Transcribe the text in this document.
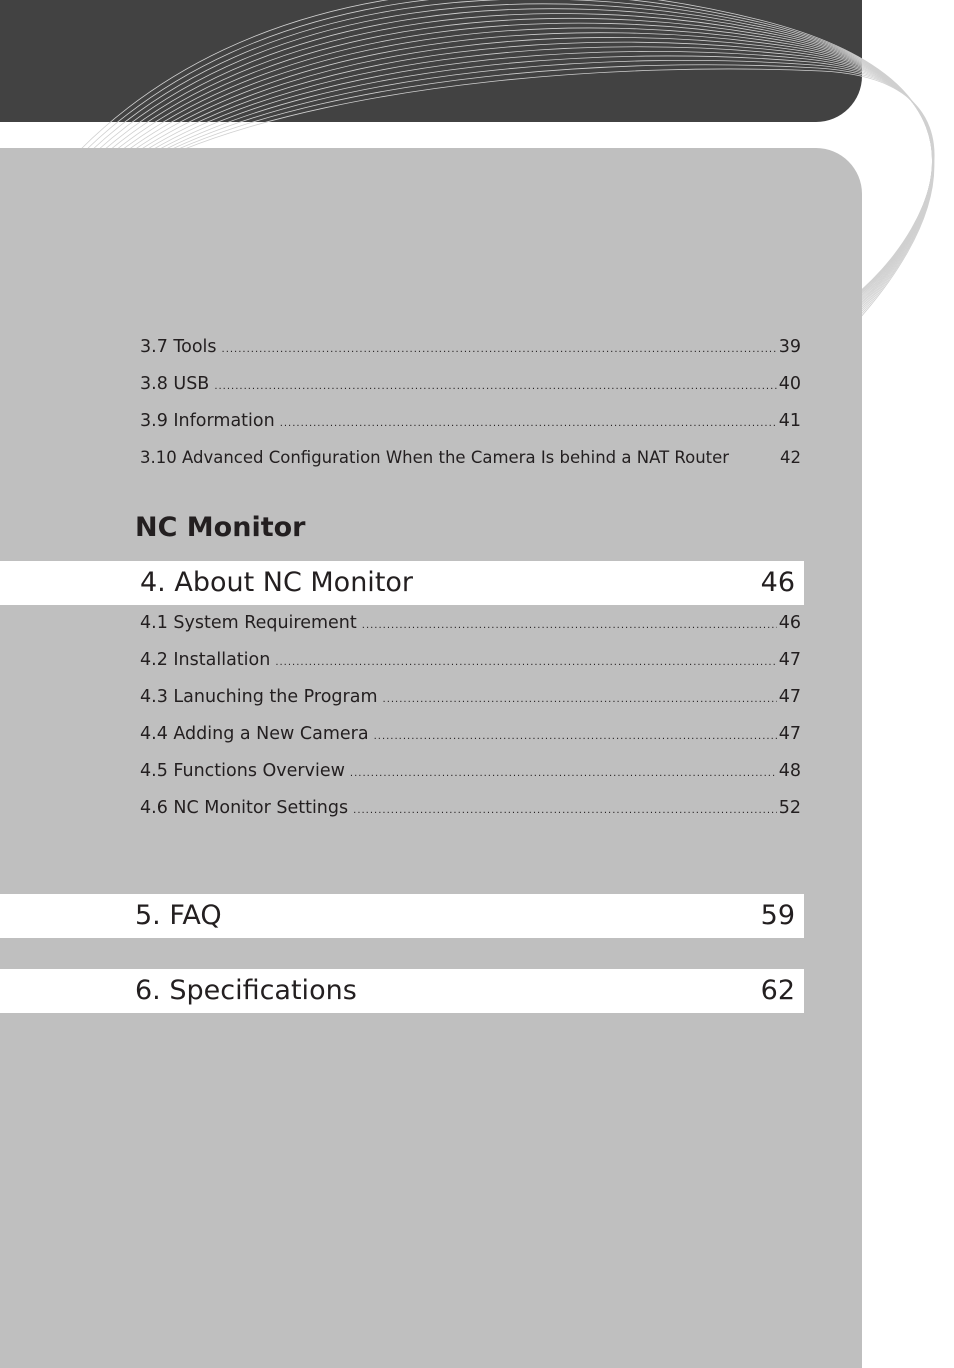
3.7 Tools .....	39
3.8 USB .....	40
3.9 Information .....	41
3.10 Advanced Configuration When the Camera Is behind a NAT Router	42
NC Monitor
4. About NC Monitor	46
4.1 System Requirement .....	46
4.2 Installation .....	47
4.3 Lanuching the Program .....	47
4.4 Adding a New Camera .....	47
4.5 Functions Overview .....	48
4.6 NC Monitor Settings .....	52
5. FAQ	59
6. Specifications	62
